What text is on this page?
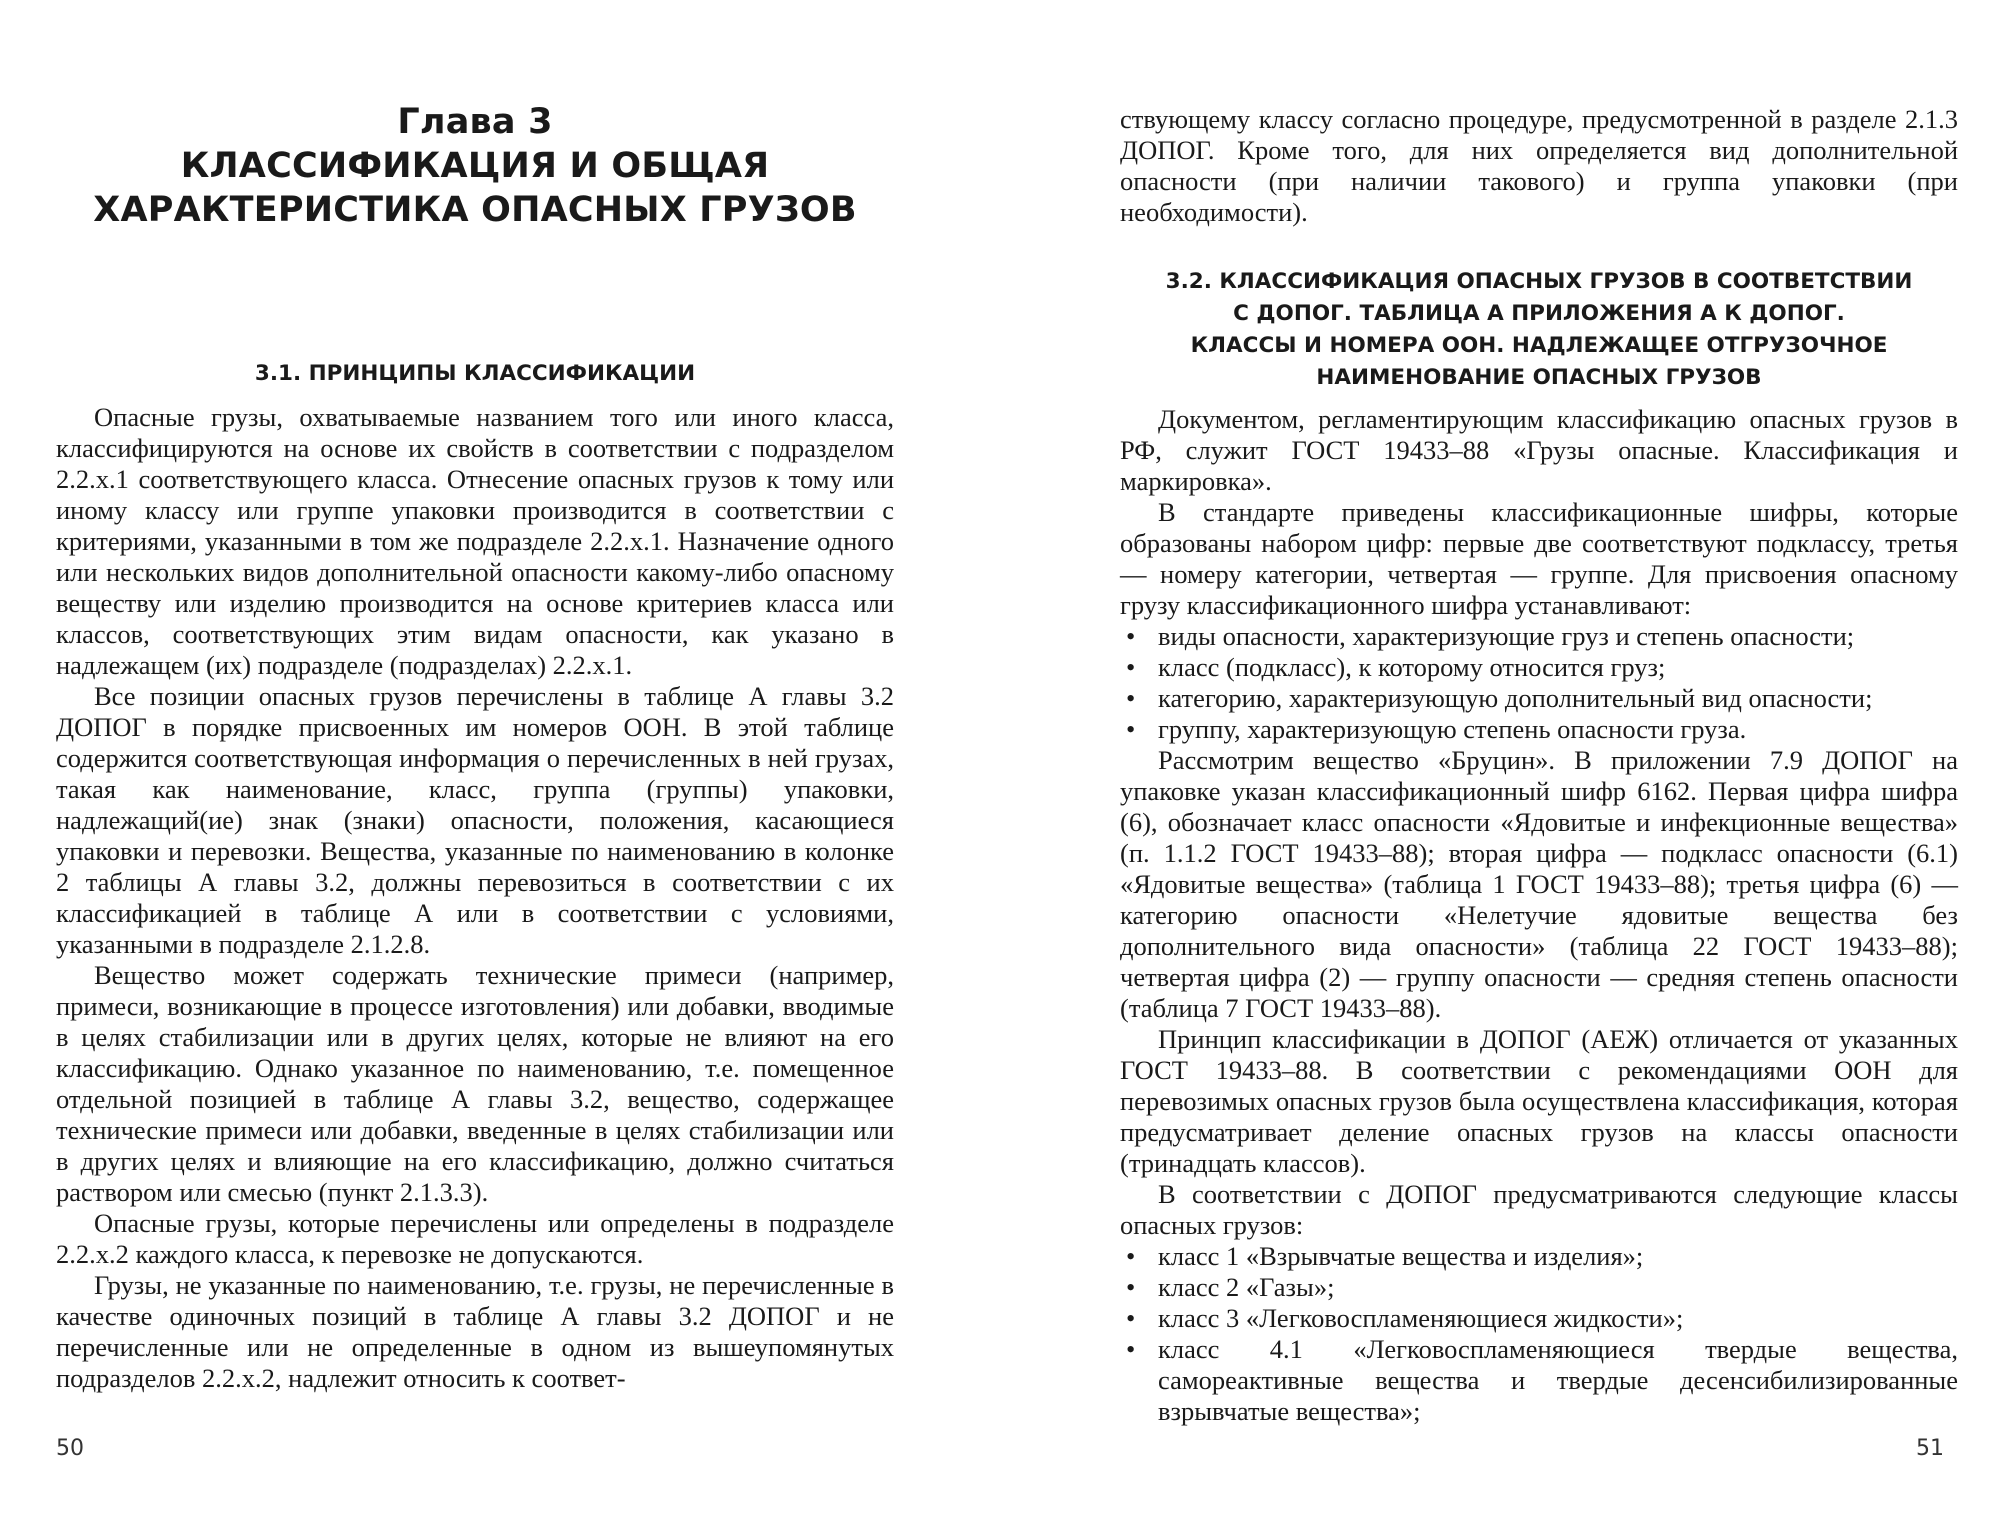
Глава 3
КЛАССИФИКАЦИЯ И ОБЩАЯ
ХАРАКТЕРИСТИКА ОПАСНЫХ ГРУЗОВ
3.1. ПРИНЦИПЫ КЛАССИФИКАЦИИ

Опасные грузы, охватываемые названием того или иного класса, классифицируются на основе их свойств в соответствии с подразделом 2.2.х.1 соответствующего класса. Отнесение опасных грузов к тому или иному классу или группе упаковки производится в соответствии с критериями, указанными в том же подразделе 2.2.х.1. Назначение одного или нескольких видов дополнительной опасности какому-либо опасному веществу или изделию производится на основе критериев класса или классов, соответствующих этим видам опасности, как указано в надлежащем (их) подразделе (подразделах) 2.2.х.1.

Все позиции опасных грузов перечислены в таблице А главы 3.2 ДОПОГ в порядке присвоенных им номеров ООН. В этой таблице содержится соответствующая информация о перечисленных в ней грузах, такая как наименование, класс, группа (группы) упаковки, надлежащий(ие) знак (знаки) опасности, положения, касающиеся упаковки и перевозки. Вещества, указанные по наименованию в колонке 2 таблицы А главы 3.2, должны перевозиться в соответствии с их классификацией в таблице А или в соответствии с условиями, указанными в подразделе 2.1.2.8.

Вещество может содержать технические примеси (например, примеси, возникающие в процессе изготовления) или добавки, вводимые в целях стабилизации или в других целях, которые не влияют на его классификацию. Однако указанное по наименованию, т.е. помещенное отдельной позицией в таблице А главы 3.2, вещество, содержащее технические примеси или добавки, введенные в целях стабилизации или в других целях и влияющие на его классификацию, должно считаться раствором или смесью (пункт 2.1.3.3).

Опасные грузы, которые перечислены или определены в подразделе 2.2.х.2 каждого класса, к перевозке не допускаются.

Грузы, не указанные по наименованию, т.е. грузы, не перечисленные в качестве одиночных позиций в таблице А главы 3.2 ДОПОГ и не перечисленные или не определенные в одном из вышеупомянутых подразделов 2.2.х.2, надлежит относить к соответ-

50

ствующему классу согласно процедуре, предусмотренной в разделе 2.1.3 ДОПОГ. Кроме того, для них определяется вид дополнительной опасности (при наличии такового) и группа упаковки (при необходимости).

3.2. КЛАССИФИКАЦИЯ ОПАСНЫХ ГРУЗОВ В СООТВЕТСТВИИ
С ДОПОГ. ТАБЛИЦА А ПРИЛОЖЕНИЯ А К ДОПОГ.
КЛАССЫ И НОМЕРА ООН. НАДЛЕЖАЩЕЕ ОТГРУЗОЧНОЕ
НАИМЕНОВАНИЕ ОПАСНЫХ ГРУЗОВ

Документом, регламентирующим классификацию опасных грузов в РФ, служит ГОСТ 19433–88 «Грузы опасные. Классификация и маркировка».

В стандарте приведены классификационные шифры, которые образованы набором цифр: первые две соответствуют подклассу, третья — номеру категории, четвертая — группе. Для присвоения опасному грузу классификационного шифра устанавливают:

• виды опасности, характеризующие груз и степень опасности;
• класс (подкласс), к которому относится груз;
• категорию, характеризующую дополнительный вид опасности;
• группу, характеризующую степень опасности груза.

Рассмотрим вещество «Бруцин». В приложении 7.9 ДОПОГ на упаковке указан классификационный шифр 6162. Первая цифра шифра (6), обозначает класс опасности «Ядовитые и инфекционные вещества» (п. 1.1.2 ГОСТ 19433–88); вторая цифра — подкласс опасности (6.1) «Ядовитые вещества» (таблица 1 ГОСТ 19433–88); третья цифра (6) — категорию опасности «Нелетучие ядовитые вещества без дополнительного вида опасности» (таблица 22 ГОСТ 19433–88); четвертая цифра (2) — группу опасности — средняя степень опасности (таблица 7 ГОСТ 19433–88).

Принцип классификации в ДОПОГ (АЕЖ) отличается от указанных ГОСТ 19433–88. В соответствии с рекомендациями ООН для перевозимых опасных грузов была осуществлена классификация, которая предусматривает деление опасных грузов на классы опасности (тринадцать классов).

В соответствии с ДОПОГ предусматриваются следующие классы опасных грузов:

• класс 1 «Взрывчатые вещества и изделия»;
• класс 2 «Газы»;
• класс 3 «Легковоспламеняющиеся жидкости»;
• класс 4.1 «Легковоспламеняющиеся твердые вещества, самореактивные вещества и твердые десенсибилизированные взрывчатые вещества»;
51
